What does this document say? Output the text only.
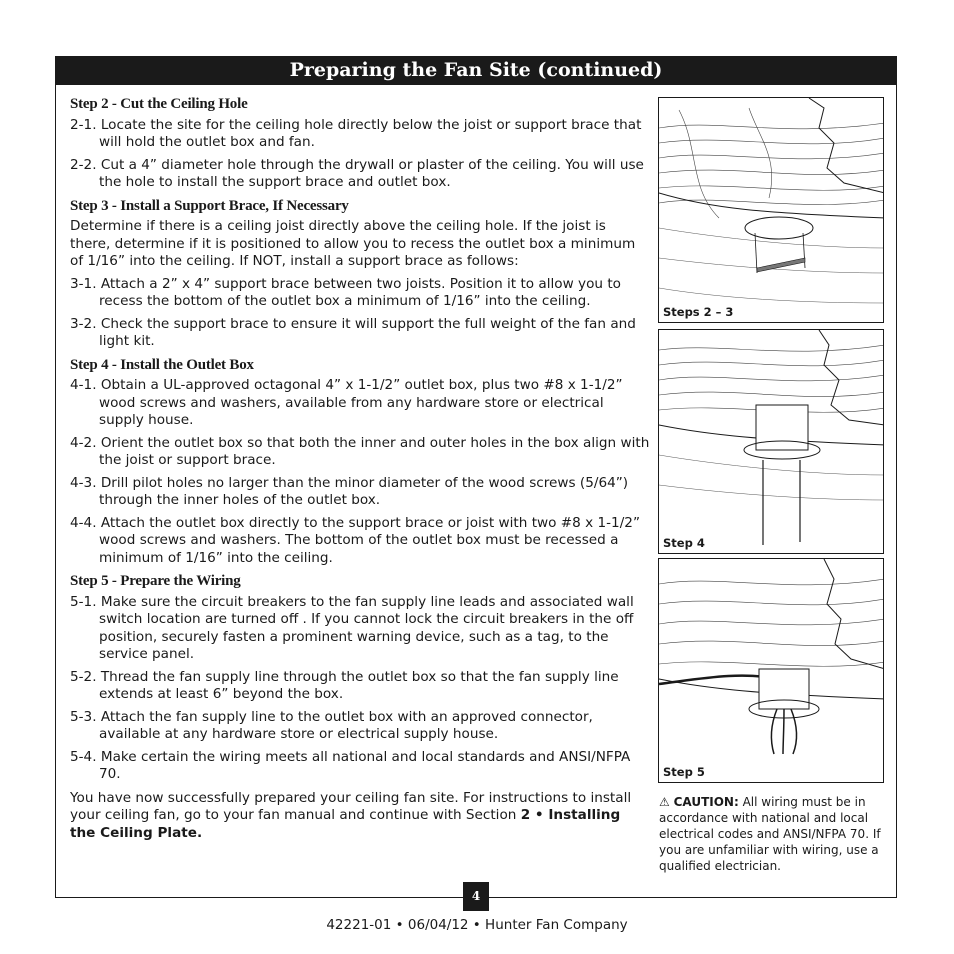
Preparing the Fan Site (continued)
Step 2 - Cut the Ceiling Hole
2-1. Locate the site for the ceiling hole directly below the joist or support brace that will hold the outlet box and fan.
2-2. Cut a 4” diameter hole through the drywall or plaster of the ceiling. You will use the hole to install the support brace and outlet box.
Step 3 - Install a Support Brace, If Necessary

Determine if there is a ceiling joist directly above the ceiling hole. If the joist is there, determine if it is positioned to allow you to recess the outlet box a minimum of 1/16” into the ceiling. If NOT, install a support brace as follows:

3-1. Attach a 2” x 4” support brace between two joists. Position it to allow you to recess the bottom of the outlet box a minimum of 1/16” into the ceiling.
3-2. Check the support brace to ensure it will support the full weight of the fan and light kit.
Step 4 - Install the Outlet Box
4-1. Obtain a UL-approved octagonal 4” x 1-1/2” outlet box, plus two #8 x 1-1/2” wood screws and washers, available from any hardware store or electrical supply house.
4-2. Orient the outlet box so that both the inner and outer holes in the box align with the joist or support brace.
4-3. Drill pilot holes no larger than the minor diameter of the wood screws (5/64”) through the inner holes of the outlet box.
4-4. Attach the outlet box directly to the support brace or joist with two #8 x 1-1/2” wood screws and washers. The bottom of the outlet box must be recessed a minimum of 1/16” into the ceiling.
Step 5 - Prepare the Wiring
5-1. Make sure the circuit breakers to the fan supply line leads and associated wall switch location are turned off . If you cannot lock the circuit breakers in the off position, securely fasten a prominent warning device, such as a tag, to the service panel.
5-2. Thread the fan supply line through the outlet box so that the fan supply line extends at least 6” beyond the box.
5-3. Attach the fan supply line to the outlet box with an approved connector, available at any hardware store or electrical supply house.
5-4. Make certain the wiring meets all national and local standards and ANSI/NFPA 70.

You have now successfully prepared your ceiling fan site. For instructions to install your ceiling fan, go to your fan manual and continue with Section 2 • Installing the Ceiling Plate.

Steps 2 – 3
Step 4
Step 5
⚠ CAUTION: All wiring must be in accordance with national and local electrical codes and ANSI/NFPA 70. If you are unfamiliar with wiring, use a qualified electrician.
4
42221-01 • 06/04/12 • Hunter Fan Company
